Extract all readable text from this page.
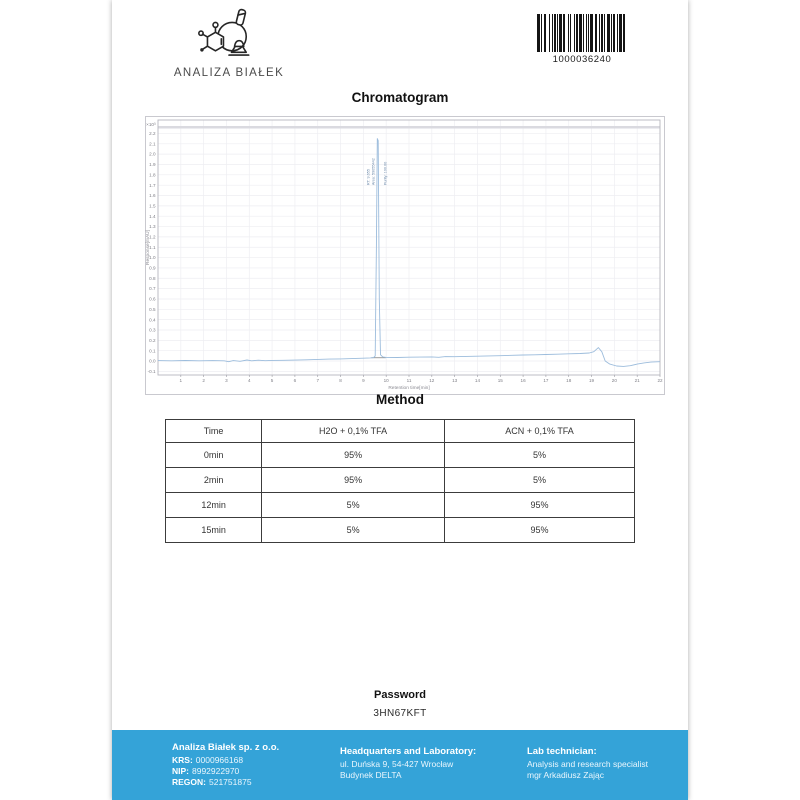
ANALIZA BIAŁEK
1000036240
Chromatogram
1	2	3	4	5	6	7	8	9	10	11	12	13	14	15	16	17	18	19	20	21	22
2.2
2.1
2.0
1.9
1.8
1.7
1.6
1.5
1.4
1.3
1.2
1.1
1.0
0.9
0.8
0.7
0.6
0.5
0.4
0.3
0.2
0.1
0.0
-0.1
×10³
Retention time[min]
Response[mAU]
RT: 9.655 Area: 59055442 Purity: 100.00
Method
Time	H2O + 0,1% TFA	ACN + 0,1% TFA
0min	95%	5%
2min	95%	5%
12min	5%	95%
15min	5%	95%
Password
3HN67KFT
Analiza Białek sp. z o.o.
KRS: 0000966168
NIP: 8992922970
REGON: 521751875
Headquarters and Laboratory:
ul. Duńska 9, 54-427 Wrocław
Budynek DELTA
Lab technician:
Analysis and research specialist
mgr Arkadiusz Zając
